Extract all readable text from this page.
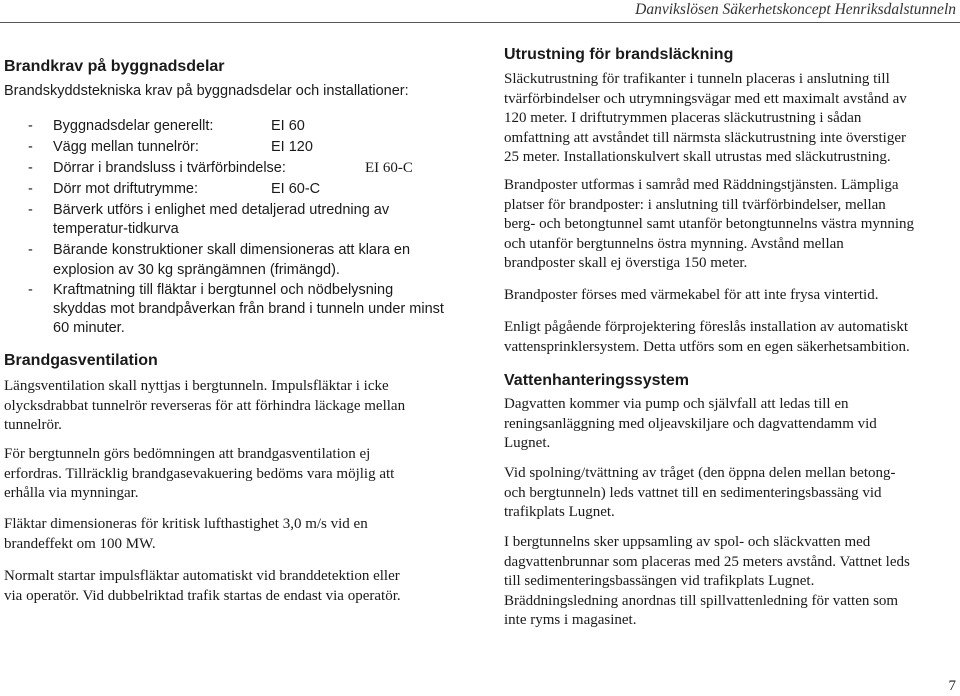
Danvikslösen Säkerhetskoncept Henriksdalstunneln
Brandkrav på byggnadsdelar
Brandskyddstekniska krav på byggnadsdelar och installationer:
- Byggnadsdelar generellt:	EI 60
- Vägg mellan tunnelrör:	EI 120
- Dörrar i brandsluss i tvärförbindelse:	EI 60-C
- Dörr mot driftutrymme:	EI 60-C
- Bärverk utförs i enlighet med detaljerad utredning av
temperatur-tidkurva
- Bärande konstruktioner skall dimensioneras att klara en
explosion av 30 kg sprängämnen (frimängd).
- Kraftmatning till fläktar i bergtunnel och nödbelysning
skyddas mot brandpåverkan från brand i tunneln under minst
60 minuter.
Brandgasventilation
Längsventilation skall nyttjas i bergtunneln. Impulsfläktar i icke
olycksdrabbat tunnelrör reverseras för att förhindra läckage mellan
tunnelrör.
För bergtunneln görs bedömningen att brandgasventilation ej
erfordras. Tillräcklig brandgasevakuering bedöms vara möjlig att
erhålla via mynningar.
Fläktar dimensioneras för kritisk lufthastighet 3,0 m/s vid en
brandeffekt om 100 MW.
Normalt startar impulsfläktar automatiskt vid branddetektion eller
via operatör. Vid dubbelriktad trafik startas de endast via operatör.
Utrustning för brandsläckning
Släckutrustning för trafikanter i tunneln placeras i anslutning till
tvärförbindelser och utrymningsvägar med ett maximalt avstånd av
120 meter. I driftutrymmen placeras släckutrustning i sådan
omfattning att avståndet till närmsta släckutrustning inte överstiger
25 meter. Installationskulvert skall utrustas med släckutrustning.
Brandposter utformas i samråd med Räddningstjänsten. Lämpliga
platser för brandposter: i anslutning till tvärförbindelser, mellan
berg- och betongtunnel samt utanför betongtunnelns västra mynning
och utanför bergtunnelns östra mynning. Avstånd mellan
brandposter skall ej överstiga 150 meter.
Brandposter förses med värmekabel för att inte frysa vintertid.
Enligt pågående förprojektering föreslås installation av automatiskt
vattensprinklersystem. Detta utförs som en egen säkerhetsambition.
Vattenhanteringssystem
Dagvatten kommer via pump och självfall att ledas till en
reningsanläggning med oljeavskiljare och dagvattendamm vid
Lugnet.
Vid spolning/tvättning av tråget (den öppna delen mellan betong-
och bergtunneln) leds vattnet till en sedimenteringsbassäng vid
trafikplats Lugnet.
I bergtunnelns sker uppsamling av spol- och släckvatten med
dagvattenbrunnar som placeras med 25 meters avstånd. Vattnet leds
till sedimenteringsbassängen vid trafikplats Lugnet.
Bräddningsledning anordnas till spillvattenledning för vatten som
inte ryms i magasinet.
7
